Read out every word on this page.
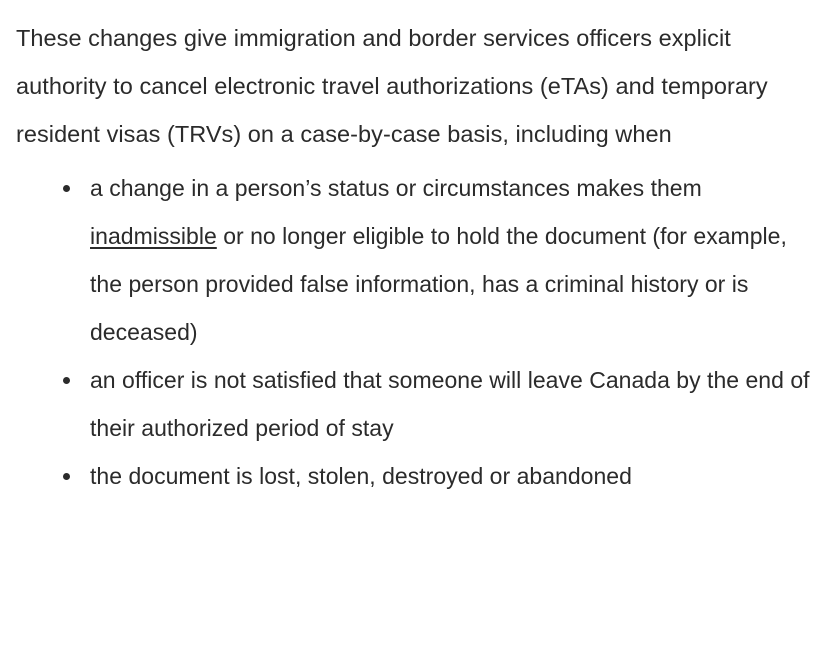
These changes give immigration and border services officers explicit authority to cancel electronic travel authorizations (eTAs) and temporary resident visas (TRVs) on a case-by-case basis, including when

a change in a person’s status or circumstances makes them inadmissible or no longer eligible to hold the document (for example, the person provided false information, has a criminal history or is deceased)
an officer is not satisfied that someone will leave Canada by the end of their authorized period of stay
the document is lost, stolen, destroyed or abandoned
